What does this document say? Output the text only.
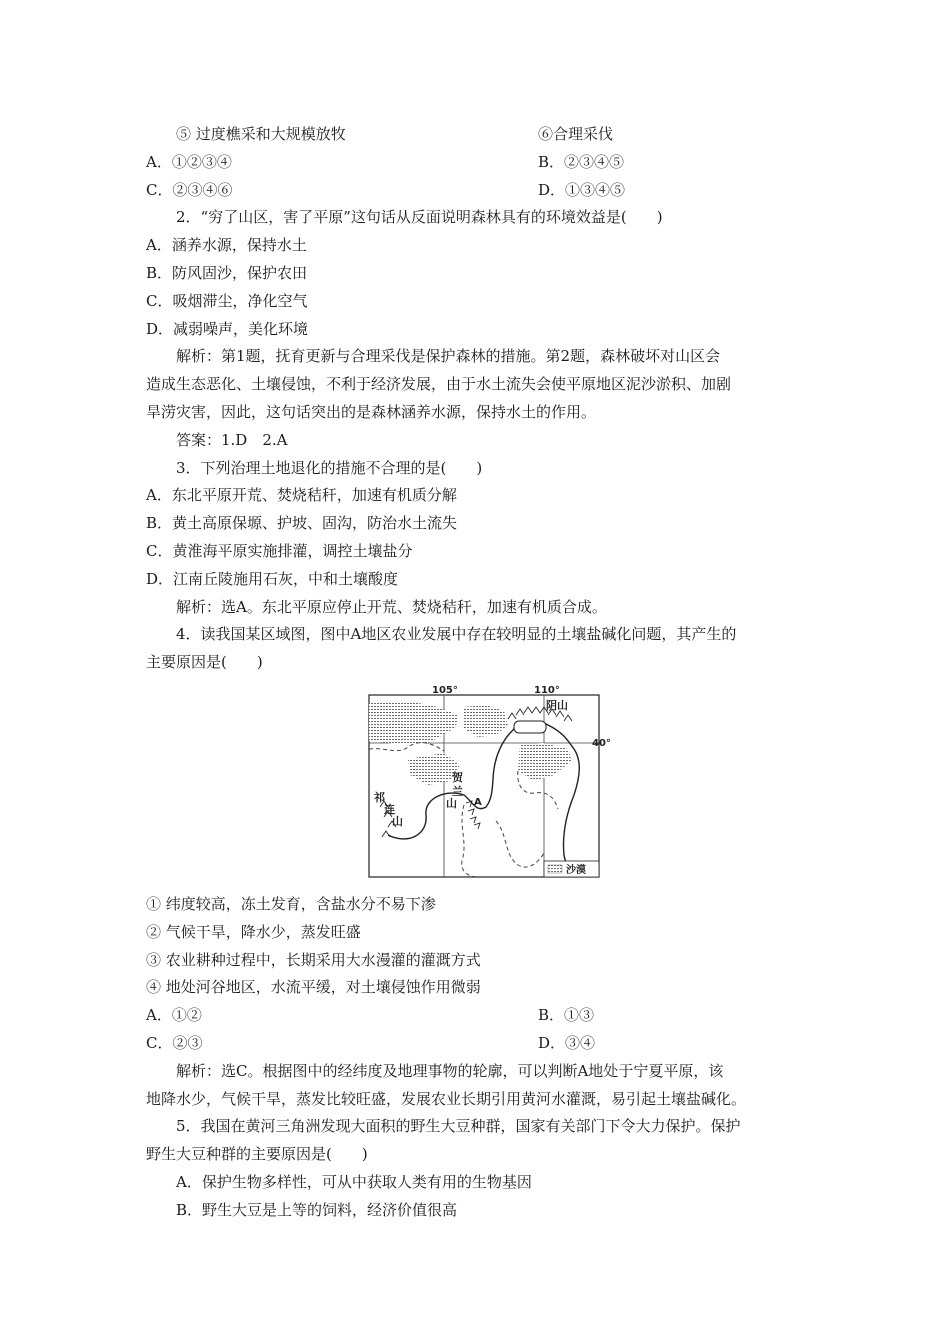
⑤ 过度樵采和大规模放牧	⑥合理采伐
A．①②③④	B．②③④⑤
C．②③④⑥	D．①③④⑤
2．“穷了山区，害了平原”这句话从反面说明森林具有的环境效益是(　　)
A．涵养水源，保持水土
B．防风固沙，保护农田
C．吸烟滞尘，净化空气
D．减弱噪声，美化环境
解析：第1题，抚育更新与合理采伐是保护森林的措施。第2题，森林破坏对山区会
造成生态恶化、土壤侵蚀，不利于经济发展，由于水土流失会使平原地区泥沙淤积、加剧
旱涝灾害，因此，这句话突出的是森林涵养水源，保持水土的作用。
答案：1.D　2.A
3．下列治理土地退化的措施不合理的是(　　)
A．东北平原开荒、焚烧秸秆，加速有机质分解
B．黄土高原保塬、护坡、固沟，防治水土流失
C．黄淮海平原实施排灌，调控土壤盐分
D．江南丘陵施用石灰，中和土壤酸度
解析：选A。东北平原应停止开荒、焚烧秸秆，加速有机质合成。
4．读我国某区域图，图中A地区农业发展中存在较明显的土壤盐碱化问题，其产生的
主要原因是(　　)
105°	110°
40°
阴山
祁
连
山
贺
兰
山 A
沙漠
① 纬度较高，冻土发育，含盐水分不易下渗
② 气候干旱，降水少，蒸发旺盛
③ 农业耕种过程中，长期采用大水漫灌的灌溉方式
④ 地处河谷地区，水流平缓，对土壤侵蚀作用微弱
A．①②	B．①③
C．②③	D．③④
解析：选C。根据图中的经纬度及地理事物的轮廓，可以判断A地处于宁夏平原，该
地降水少，气候干旱，蒸发比较旺盛，发展农业长期引用黄河水灌溉，易引起土壤盐碱化。
5．我国在黄河三角洲发现大面积的野生大豆种群，国家有关部门下令大力保护。保护
野生大豆种群的主要原因是(　　)
A．保护生物多样性，可从中获取人类有用的生物基因
B．野生大豆是上等的饲料，经济价值很高
